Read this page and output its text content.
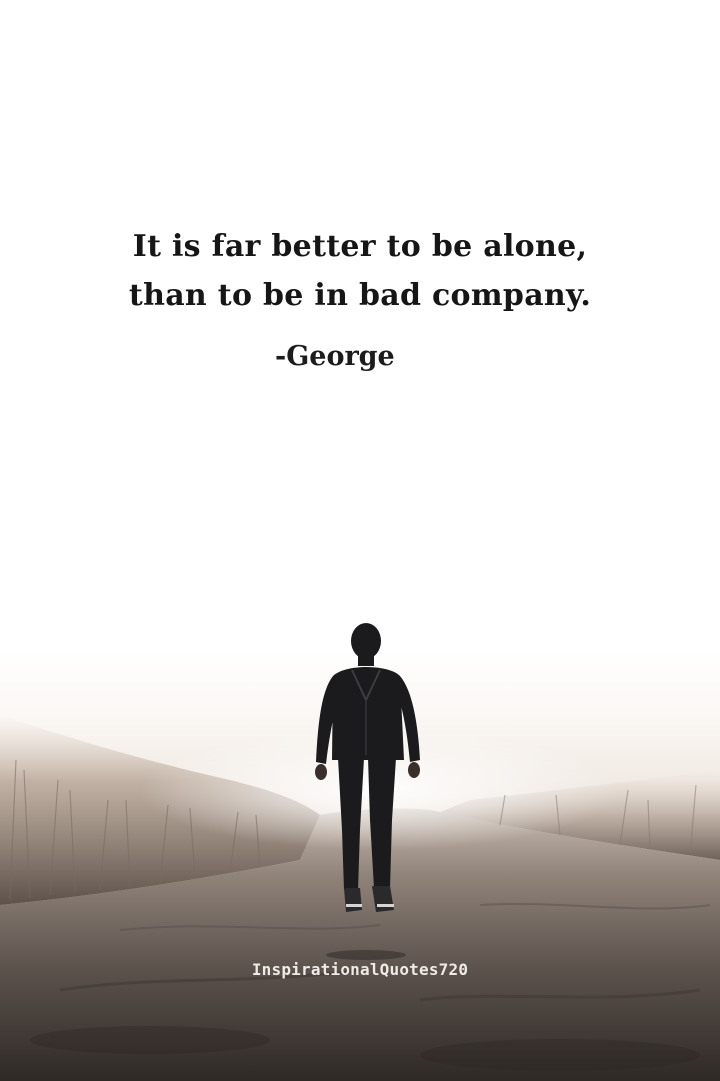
It is far better to be alone,
than to be in bad company.
-George
InspirationalQuotes720
